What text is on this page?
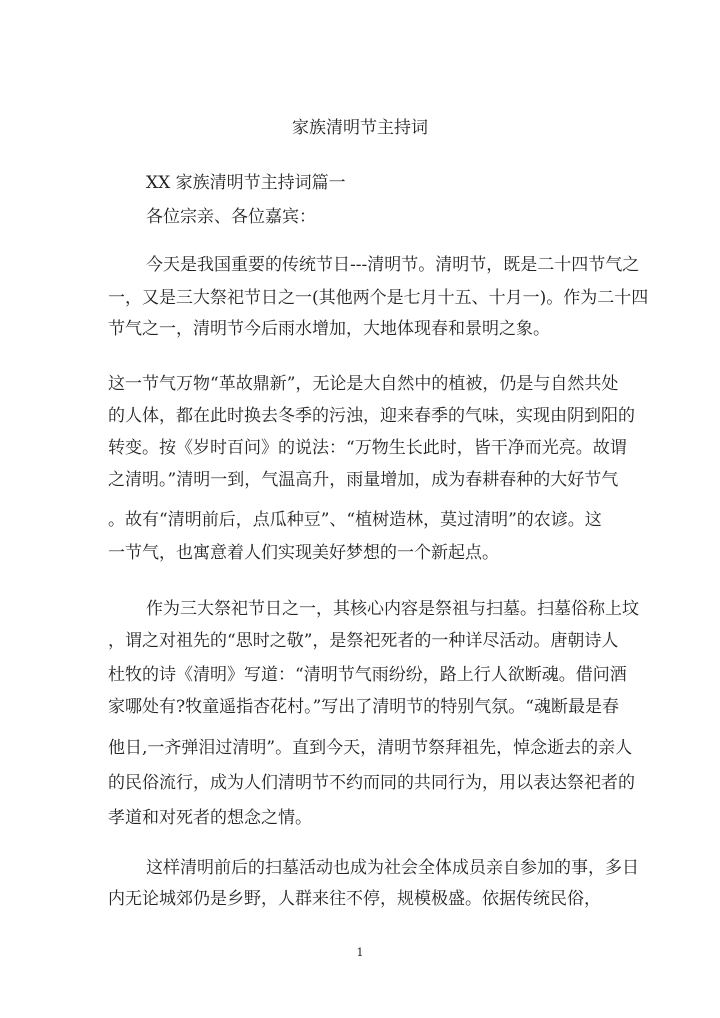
家族清明节主持词
XX 家族清明节主持词篇一
各位宗亲、各位嘉宾：
今天是我国重要的传统节日---清明节。清明节，既是二十四节气之
一，又是三大祭祀节日之一(其他两个是七月十五、十月一)。作为二十四
节气之一，清明节今后雨水增加，大地体现春和景明之象。
这一节气万物“革故鼎新”，无论是大自然中的植被，仍是与自然共处
的人体，都在此时换去冬季的污浊，迎来春季的气味，实现由阴到阳的
转变。按《岁时百问》的说法：“万物生长此时，皆干净而光亮。故谓
之清明。”清明一到，气温高升，雨量增加，成为春耕春种的大好节气
。故有“清明前后，点瓜种豆”、“植树造林，莫过清明”的农谚。这
一节气，也寓意着人们实现美好梦想的一个新起点。
作为三大祭祀节日之一，其核心内容是祭祖与扫墓。扫墓俗称上坟
，谓之对祖先的“思时之敬”，是祭祀死者的一种详尽活动。唐朝诗人
杜牧的诗《清明》写道：“清明节气雨纷纷，路上行人欲断魂。借问酒
家哪处有?牧童遥指杏花村。”写出了清明节的特别气氛。“魂断最是春
他日,一齐弹泪过清明”。直到今天，清明节祭拜祖先，悼念逝去的亲人
的民俗流行，成为人们清明节不约而同的共同行为，用以表达祭祀者的
孝道和对死者的想念之情。
这样清明前后的扫墓活动也成为社会全体成员亲自参加的事，多日
内无论城郊仍是乡野，人群来往不停，规模极盛。依据传统民俗，
1
